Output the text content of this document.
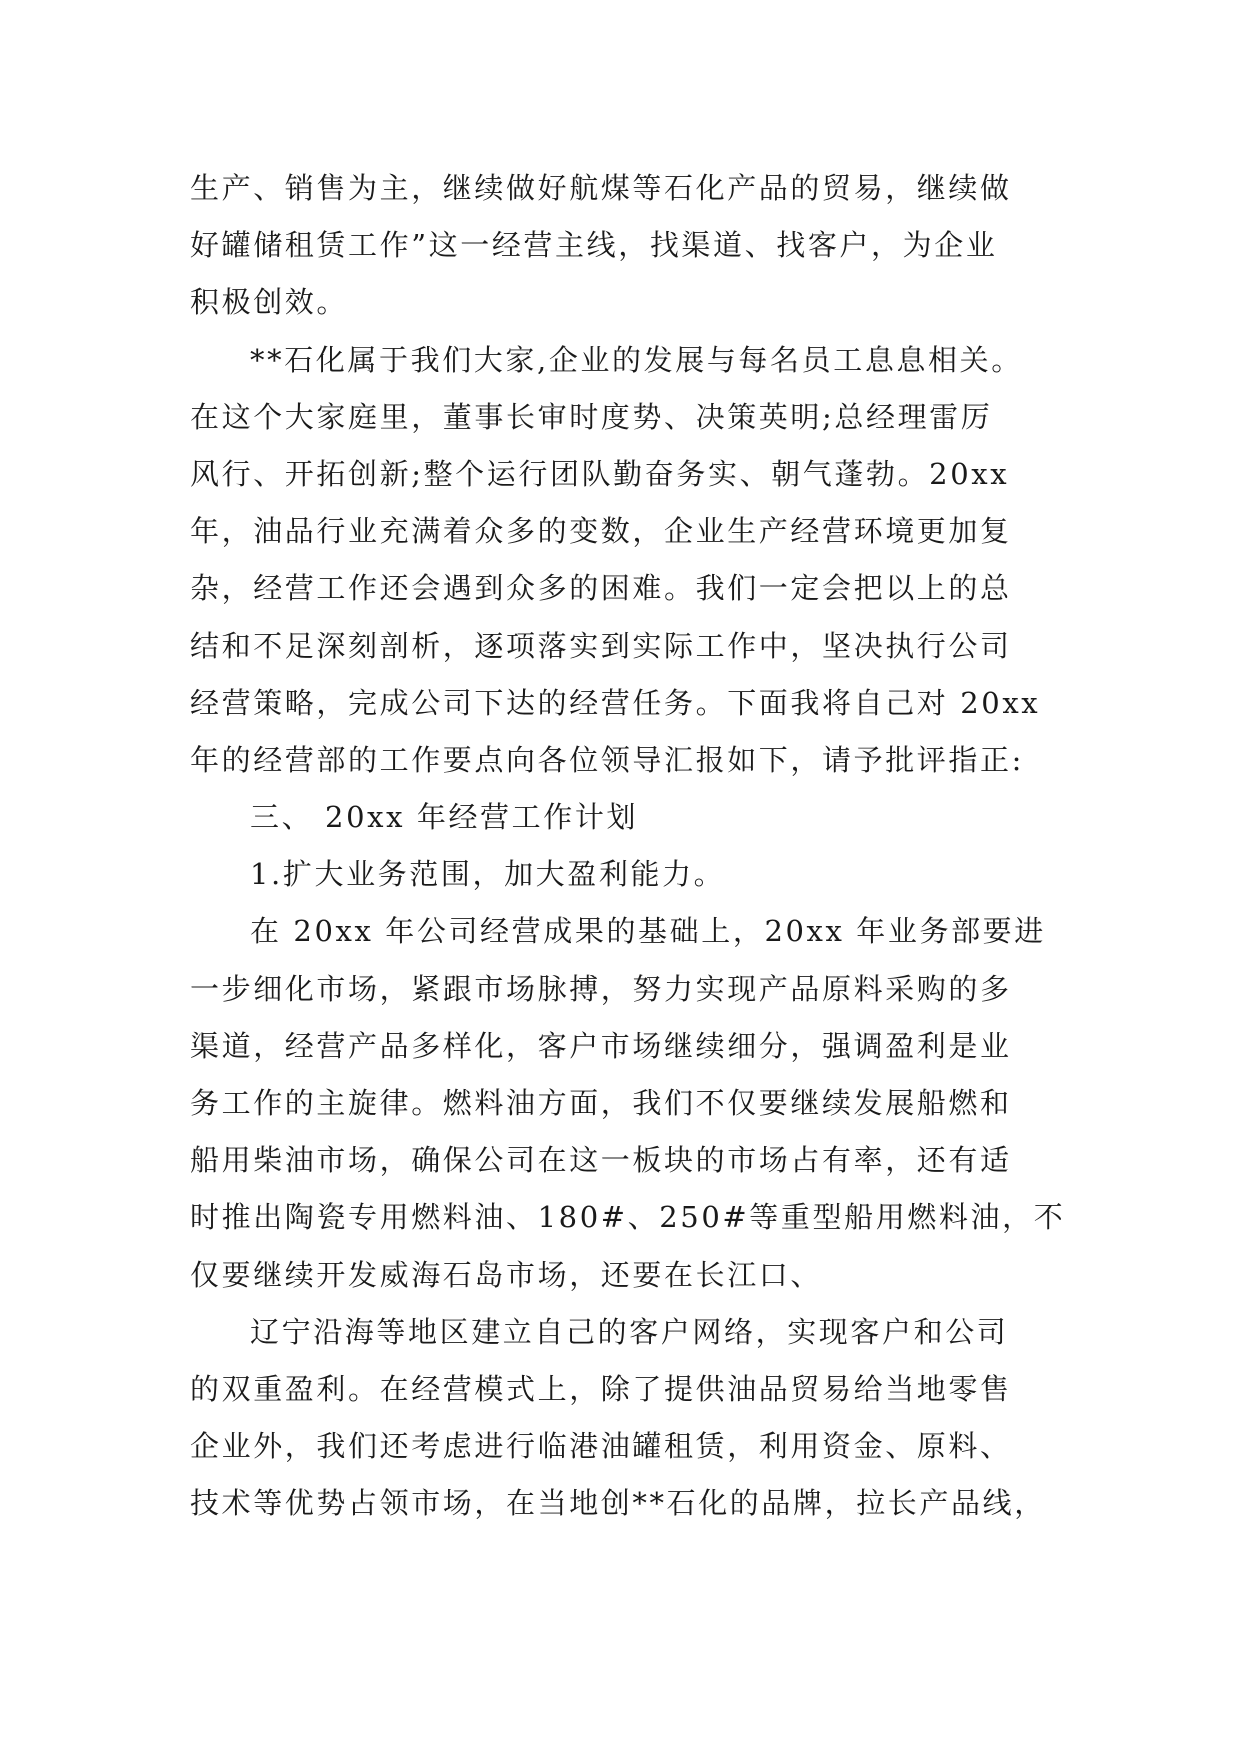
生产、销售为主，继续做好航煤等石化产品的贸易，继续做
好罐储租赁工作”这一经营主线，找渠道、找客户，为企业
积极创效。
**石化属于我们大家,企业的发展与每名员工息息相关。
在这个大家庭里，董事长审时度势、决策英明;总经理雷厉
风行、开拓创新;整个运行团队勤奋务实、朝气蓬勃。20xx
年，油品行业充满着众多的变数，企业生产经营环境更加复
杂，经营工作还会遇到众多的困难。我们一定会把以上的总
结和不足深刻剖析，逐项落实到实际工作中，坚决执行公司
经营策略，完成公司下达的经营任务。下面我将自己对 20xx
年的经营部的工作要点向各位领导汇报如下，请予批评指正:
三、 20xx 年经营工作计划
1.扩大业务范围，加大盈利能力。
在 20xx 年公司经营成果的基础上，20xx 年业务部要进
一步细化市场，紧跟市场脉搏，努力实现产品原料采购的多
渠道，经营产品多样化，客户市场继续细分，强调盈利是业
务工作的主旋律。燃料油方面，我们不仅要继续发展船燃和
船用柴油市场，确保公司在这一板块的市场占有率，还有适
时推出陶瓷专用燃料油、180#、250#等重型船用燃料油，不
仅要继续开发威海石岛市场，还要在长江口、
辽宁沿海等地区建立自己的客户网络，实现客户和公司
的双重盈利。在经营模式上，除了提供油品贸易给当地零售
企业外，我们还考虑进行临港油罐租赁，利用资金、原料、
技术等优势占领市场，在当地创**石化的品牌，拉长产品线，
